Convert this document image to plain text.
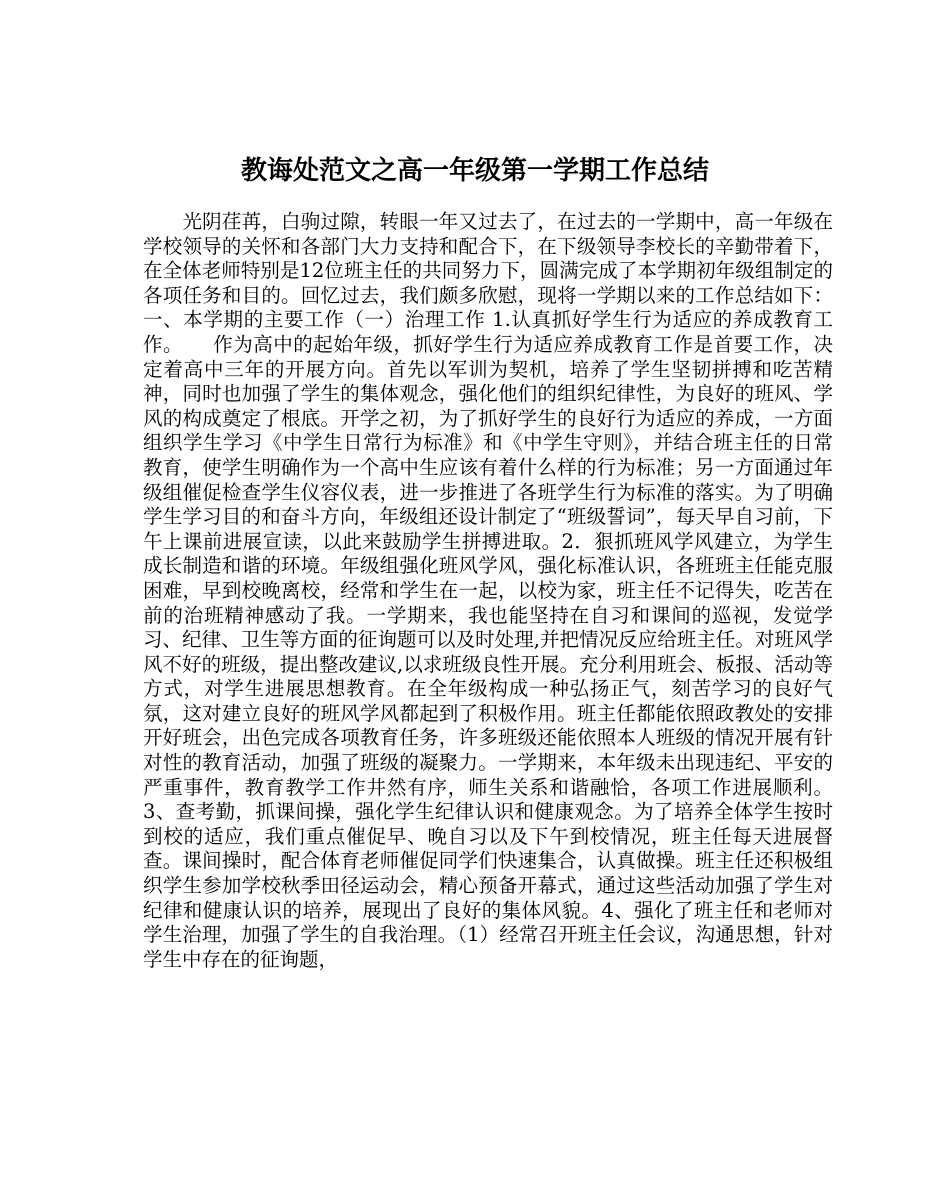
教诲处范文之高一年级第一学期工作总结

　　光阴荏苒，白驹过隙，转眼一年又过去了，在过去的一学期中，高一年级在学校领导的关怀和各部门大力支持和配合下，在下级领导李校长的辛勤带着下，在全体老师特别是12位班主任的共同努力下，圆满完成了本学期初年级组制定的各项任务和目的。回忆过去，我们颇多欣慰，现将一学期以来的工作总结如下：一、本学期的主要工作（一）治理工作 1.认真抓好学生行为适应的养成教育工作。　　作为高中的起始年级，抓好学生行为适应养成教育工作是首要工作，决定着高中三年的开展方向。首先以军训为契机，培养了学生坚韧拼搏和吃苦精神，同时也加强了学生的集体观念，强化他们的组织纪律性，为良好的班风、学风的构成奠定了根底。开学之初，为了抓好学生的良好行为适应的养成，一方面组织学生学习《中学生日常行为标准》和《中学生守则》，并结合班主任的日常教育，使学生明确作为一个高中生应该有着什么样的行为标准；另一方面通过年级组催促检查学生仪容仪表，进一步推进了各班学生行为标准的落实。为了明确学生学习目的和奋斗方向，年级组还设计制定了“班级誓词”，每天早自习前，下午上课前进展宣读，以此来鼓励学生拼搏进取。2．狠抓班风学风建立，为学生成长制造和谐的环境。年级组强化班风学风，强化标准认识，各班班主任能克服困难，早到校晚离校，经常和学生在一起，以校为家，班主任不记得失，吃苦在前的治班精神感动了我。一学期来，我也能坚持在自习和课间的巡视，发觉学习、纪律、卫生等方面的征询题可以及时处理,并把情况反应给班主任。对班风学风不好的班级，提出整改建议,以求班级良性开展。充分利用班会、板报、活动等方式，对学生进展思想教育。在全年级构成一种弘扬正气，刻苦学习的良好气氛，这对建立良好的班风学风都起到了积极作用。班主任都能依照政教处的安排开好班会，出色完成各项教育任务，许多班级还能依照本人班级的情况开展有针对性的教育活动，加强了班级的凝聚力。一学期来，本年级未出现违纪、平安的严重事件，教育教学工作井然有序，师生关系和谐融恰，各项工作进展顺利。3、查考勤，抓课间操，强化学生纪律认识和健康观念。为了培养全体学生按时到校的适应，我们重点催促早、晚自习以及下午到校情况，班主任每天进展督查。课间操时，配合体育老师催促同学们快速集合，认真做操。班主任还积极组织学生参加学校秋季田径运动会，精心预备开幕式，通过这些活动加强了学生对纪律和健康认识的培养，展现出了良好的集体风貌。4、强化了班主任和老师对学生治理，加强了学生的自我治理。（1）经常召开班主任会议，沟通思想，针对学生中存在的征询题，
